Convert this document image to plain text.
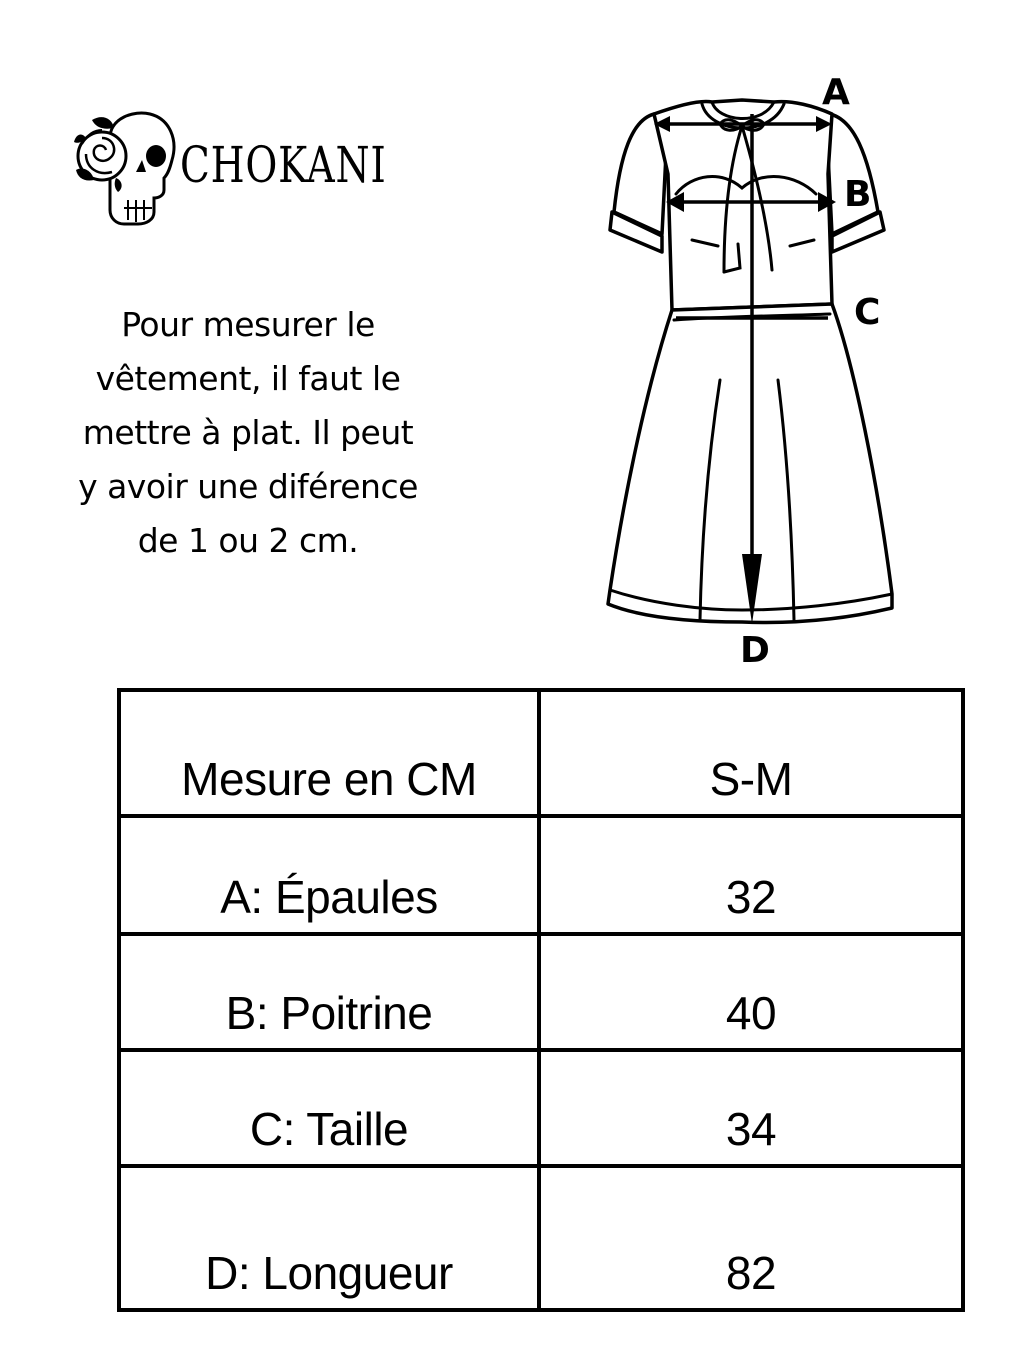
CHOKANI
Pour mesurer le
vêtement, il faut le
mettre à plat. Il peut
y avoir une diférence
de 1 ou 2 cm.
A
B
C
D
Mesure en CM	S-M
A: Épaules	32
B: Poitrine	40
C: Taille	34
D: Longueur	82
